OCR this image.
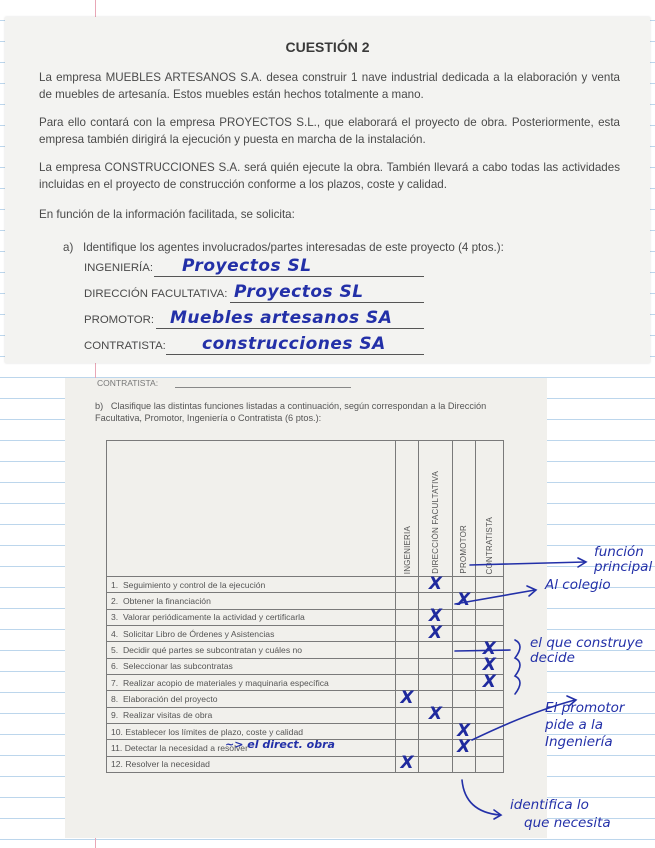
CUESTIÓN 2
La empresa MUEBLES ARTESANOS S.A. desea construir 1 nave industrial dedicada a la elaboración y venta de muebles de artesanía. Estos muebles están hechos totalmente a mano.
Para ello contará con la empresa PROYECTOS S.L., que elaborará el proyecto de obra. Posteriormente, esta empresa también dirigirá la ejecución y puesta en marcha de la instalación.
La empresa CONSTRUCCIONES S.A. será quién ejecute la obra. También llevará a cabo todas las actividades incluidas en el proyecto de construcción conforme a los plazos, coste y calidad.
En función de la información facilitada, se solicita:
a)   Identifique los agentes involucrados/partes interesadas de este proyecto (4 ptos.):
INGENIERÍA: Proyectos SL
DIRECCIÓN FACULTATIVA: Proyectos SL
PROMOTOR: Muebles artesanos SA
CONTRATISTA: construcciones SA
CONTRATISTA:
b)   Clasifique las distintas funciones listadas a continuación, según correspondan a la Dirección Facultativa, Promotor, Ingeniería o Contratista (6 ptos.):
	INGENIERIA	DIRECCIÓN FACULTATIVA	PROMOTOR	CONTRATISTA
1.  Seguimiento y control de la ejecución		X		
2.  Obtener la financiación			X	
3.  Valorar periódicamente la actividad y certificarla		X		
4.  Solicitar Libro de Órdenes y Asistencias		X		
5.  Decidir qué partes se subcontratan y cuáles no				X
6.  Seleccionar las subcontratas				X
7.  Realizar acopio de materiales y maquinaria específica				X
8.  Elaboración del proyecto	X			
9.  Realizar visitas de obra		X		
10. Establecer los límites de plazo, coste y calidad			X	
11. Detectar la necesidad a resolver			X	
12. Resolver la necesidad	X			
~> el direct. obra
función
principal
Al colegio
el que construye
decide
El promotor
pide a la
Ingeniería
identifica lo
que necesita
